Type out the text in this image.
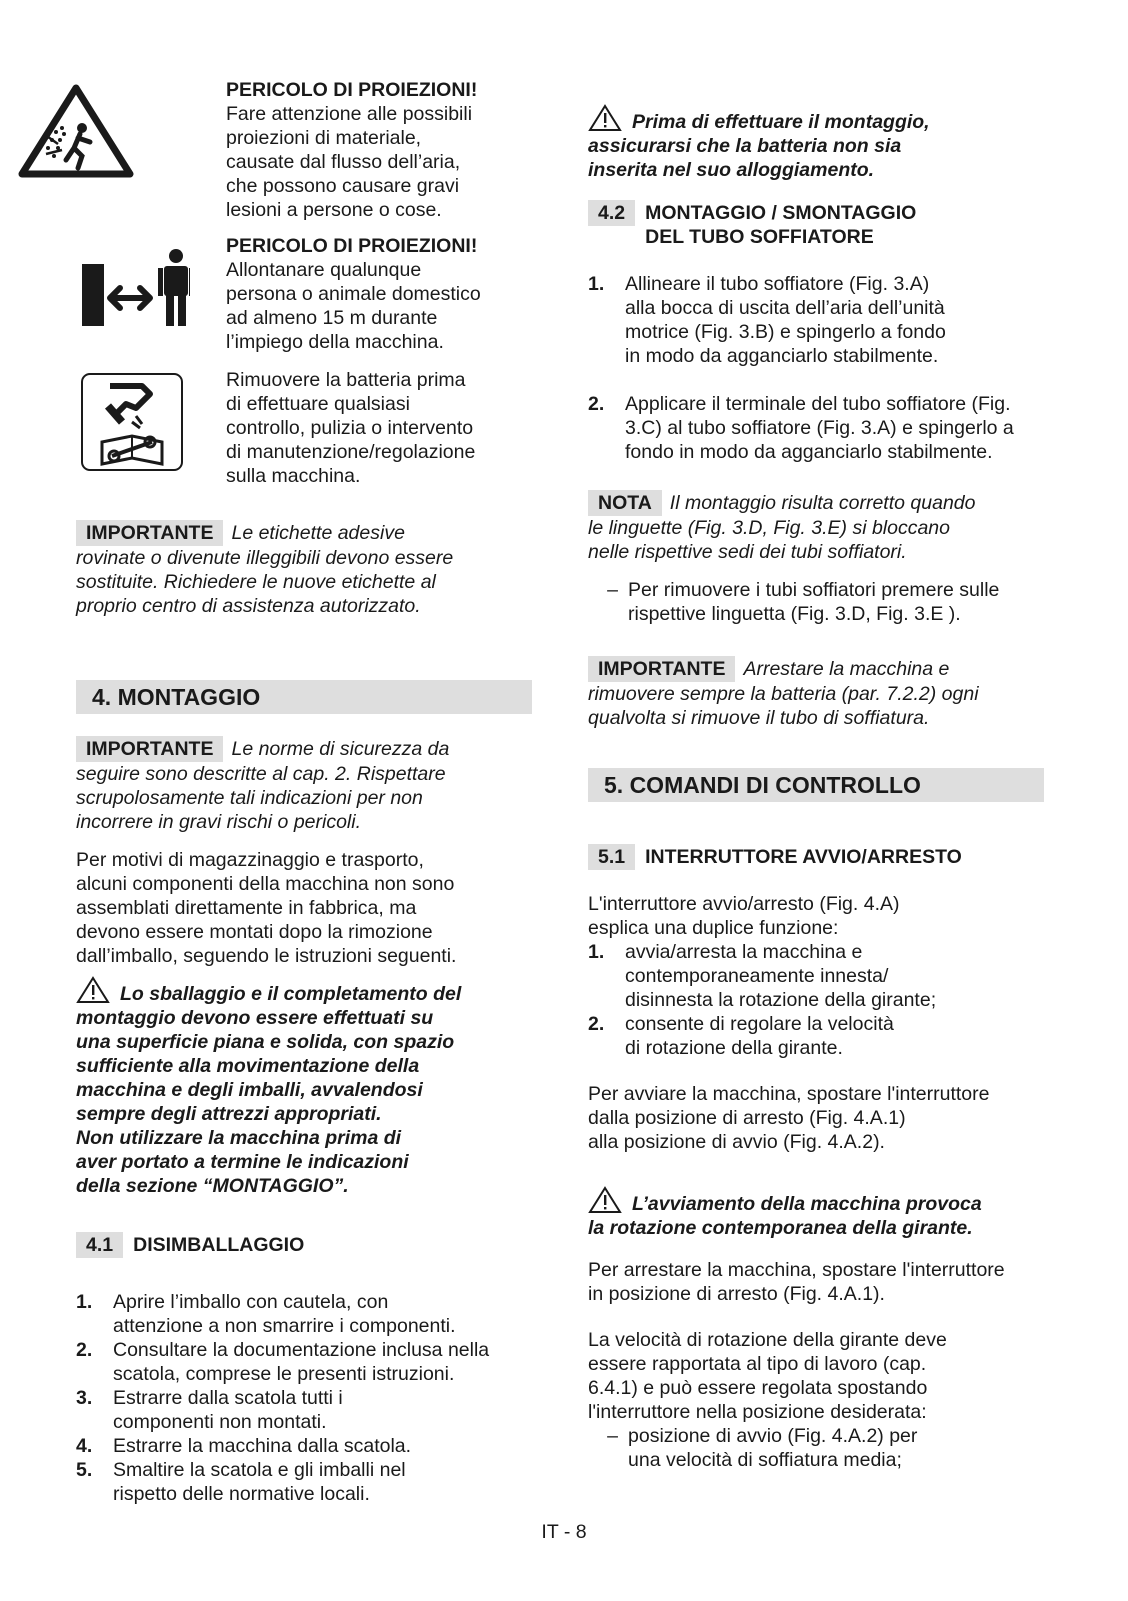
PERICOLO DI PROIEZIONI!

Fare attenzione alle possibili

proiezioni di materiale,

causate dal flusso dell’aria,

che possono causare gravi

lesioni a persone o cose.

PERICOLO DI PROIEZIONI!

Allontanare qualunque

persona o animale domestico

ad almeno 15 m durante

l’impiego della macchina.

Rimuovere la batteria prima

di effettuare qualsiasi

controllo, pulizia o intervento

di manutenzione/regolazione

sulla macchina.

IMPORTANTE Le etichette adesive

rovinate o divenute illeggibili devono essere

sostituite. Richiedere le nuove etichette al

proprio centro di assistenza autorizzato.

4. MONTAGGIO

IMPORTANTE Le norme di sicurezza da

seguire sono descritte al cap. 2. Rispettare

scrupolosamente tali indicazioni per non

incorrere in gravi rischi o pericoli.

Per motivi di magazzinaggio e trasporto,

alcuni componenti della macchina non sono

assemblati direttamente in fabbrica, ma

devono essere montati dopo la rimozione

dall’imballo, seguendo le istruzioni seguenti.

Lo sballaggio e il completamento del

montaggio devono essere effettuati su

una superficie piana e solida, con spazio

sufficiente alla movimentazione della

macchina e degli imballi, avvalendosi

sempre degli attrezzi appropriati.

Non utilizzare la macchina prima di

aver portato a termine le indicazioni

della sezione “MONTAGGIO”.

4.1	DISIMBALLAGGIO
1.	Aprire l’imballo con cautela, con

attenzione a non smarrire i componenti.

2.	Consultare la documentazione inclusa nella

scatola, comprese le presenti istruzioni.

3.	Estrarre dalla scatola tutti i

componenti non montati.

4.	Estrarre la macchina dalla scatola.

5.	Smaltire la scatola e gli imballi nel

rispetto delle normative locali.

Prima di effettuare il montaggio,

assicurarsi che la batteria non sia

inserita nel suo alloggiamento.

4.2	MONTAGGIO / SMONTAGGIO

DEL TUBO SOFFIATORE

1.	Allineare il tubo soffiatore (Fig. 3.A)

alla bocca di uscita dell’aria dell’unità

motrice (Fig. 3.B) e spingerlo a fondo

in modo da agganciarlo stabilmente.

2.	Applicare il terminale del tubo soffiatore (Fig.

3.C) al tubo soffiatore (Fig. 3.A) e spingerlo a

fondo in modo da agganciarlo stabilmente.

NOTA Il montaggio risulta corretto quando

le linguette (Fig. 3.D, Fig. 3.E) si bloccano

nelle rispettive sedi dei tubi soffiatori.

– Per rimuovere i tubi soffiatori premere sulle

rispettive linguetta (Fig. 3.D, Fig. 3.E ).

IMPORTANTE Arrestare la macchina e

rimuovere sempre la batteria (par. 7.2.2) ogni

qualvolta si rimuove il tubo di soffiatura.

5. COMANDI DI CONTROLLO
5.1	INTERRUTTORE AVVIO/ARRESTO

L'interruttore avvio/arresto (Fig. 4.A)

esplica una duplice funzione:

1.	avvia/arresta la macchina e

contemporaneamente innesta/

disinnesta la rotazione della girante;

2.	consente di regolare la velocità

di rotazione della girante.

Per avviare la macchina, spostare l'interruttore

dalla posizione di arresto (Fig. 4.A.1)

alla posizione di avvio (Fig. 4.A.2).

L’avviamento della macchina provoca

la rotazione contemporanea della girante.

Per arrestare la macchina, spostare l'interruttore

in posizione di arresto (Fig. 4.A.1).

La velocità di rotazione della girante deve

essere rapportata al tipo di lavoro (cap.

6.4.1) e può essere regolata spostando

l'interruttore nella posizione desiderata:

– posizione di avvio (Fig. 4.A.2) per

una velocità di soffiatura media;

IT - 8
